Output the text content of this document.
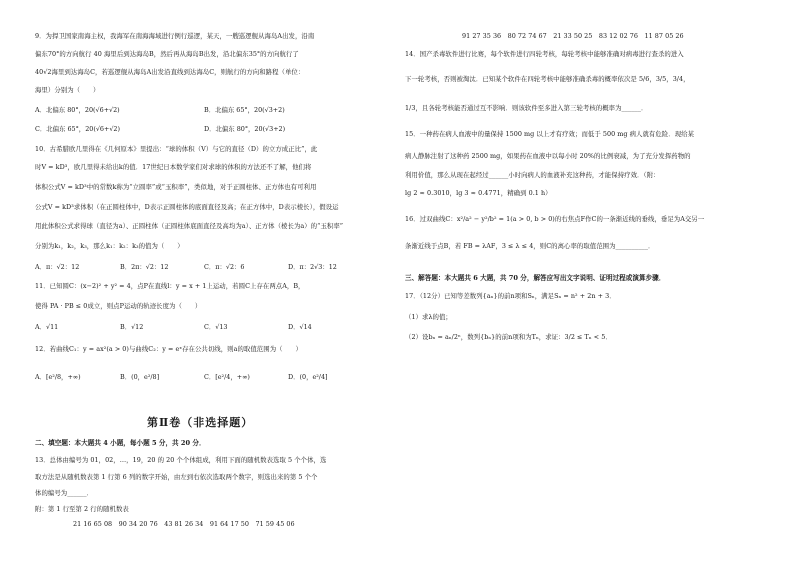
9．为捍卫国家南海主权，我海军在南海海域进行例行巡逻，某天，一艘巡逻舰从海岛A出发，沿南
偏东70°的方向航行 40 海里后到达海岛B，然后再从海岛B出发，沿北偏东35°的方向航行了
40√2海里到达海岛C，若巡逻舰从海岛A出发沿直线到达海岛C，则航行的方向和路程（单位：
海里）分别为（　　）
A．北偏东 80°，20(√6+√2)	B．北偏东 65°，20(√3+2)
C．北偏东 65°，20(√6+√2)	D．北偏东 80°，20(√3+2)
10．古希腊欧几里得在《几何原本》里提出：“球的体积（V）与它的直径（D）的立方成正比”，此
时V = kD³，欧几里得未给出k的值．17世纪日本数学家们对求球的体积的方法还不了解，他们将
体积公式V = kD³中的常数k称为“立圆率”或“玉积率”，类似地，对于正圆柱体、正方体也有可利用
公式V = kD³求体积（在正圆柱体中，D表示正圆柱体的底面直径及高；在正方体中，D表示棱长），假设运
用此体积公式求得球（直径为a）、正圆柱体（正圆柱体底面直径及高均为a）、正方体（棱长为a）的“玉积率”
分别为k₁，k₂，k₃，那么k₁：k₂：k₃的值为（　　）
A．π：√2：12	B．2π：√2：12	C．π：√2：6	D．π：2√3：12
11．已知圆C：(x−2)² + y² = 4，点P在直线l：y = x + 1上运动，若圆C上存在两点A，B，
使得 PA · PB ≤ 0成立，则点P运动的轨迹长度为（　　）
A．√11	B．√12	C．√13	D．√14
12．若曲线C₁：y = ax²(a > 0)与曲线C₂：y = eˣ存在公共切线，则a的取值范围为（　　）
A．[e²/8，+∞)	B．(0，e²/8]	C．[e²/4，+∞)	D．(0，e²/4]
第Ⅱ卷（非选择题）
二、填空题：本大题共 4 小题，每小题 5 分，共 20 分．
13．总体由编号为 01，02，…，19，20 的 20 个个体组成，利用下面的随机数表选取 5 个个体，选
取方法是从随机数表第 1 行第 6 列的数字开始，由左到右依次选取两个数字，则选出来的第 5 个个
体的编号为______．
附：第 1 行至第 2 行的随机数表
21 16 65 08　90 34 20 76　43 81 26 34　91 64 17 50　71 59 45 06
91 27 35 36　80 72 74 67　21 33 50 25　83 12 02 76　11 87 05 26
14．国产杀毒软件进行比赛，每个软件进行四轮考核，每轮考核中能够准确对病毒进行查杀的进入
下一轮考核，否则被淘汰．已知某个软件在四轮考核中能够准确杀毒的概率依次是 5/6，3/5，3/4，
1/3，且各轮考核能否通过互不影响．则该软件至多进入第三轮考核的概率为______．
15．一种药在病人血液中的量保持 1500 mg 以上才有疗效；而低于 500 mg 病人就有危险．现给某
病人静脉注射了这种药 2500 mg，如果药在血液中以每小时 20%的比例衰减，为了充分发挥药物的
利用价值，那么从现在起经过______小时向病人的血液补充这种药，才能保持疗效．（附：
lg 2 ≈ 0.3010，lg 3 ≈ 0.4771，精确到 0.1 h）
16．过双曲线C：x²/a² − y²/b² = 1(a > 0, b > 0)的右焦点F作C的一条渐近线的垂线，垂足为A交另一
条渐近线于点B，若 FB = λAF，3 ≤ λ ≤ 4，则C的离心率的取值范围为__________．
三、解答题：本大题共 6 大题，共 70 分，解答应写出文字说明、证明过程或演算步骤．
17．（12分）已知等差数列{aₙ}的前n项和Sₙ，满足Sₙ = n² + 2n + 3．
（1）求λ的值；
（2）设bₙ = aₙ/2ⁿ，数列{bₙ}的前n项和为Tₙ，求证：3/2 ≤ Tₙ < 5．
